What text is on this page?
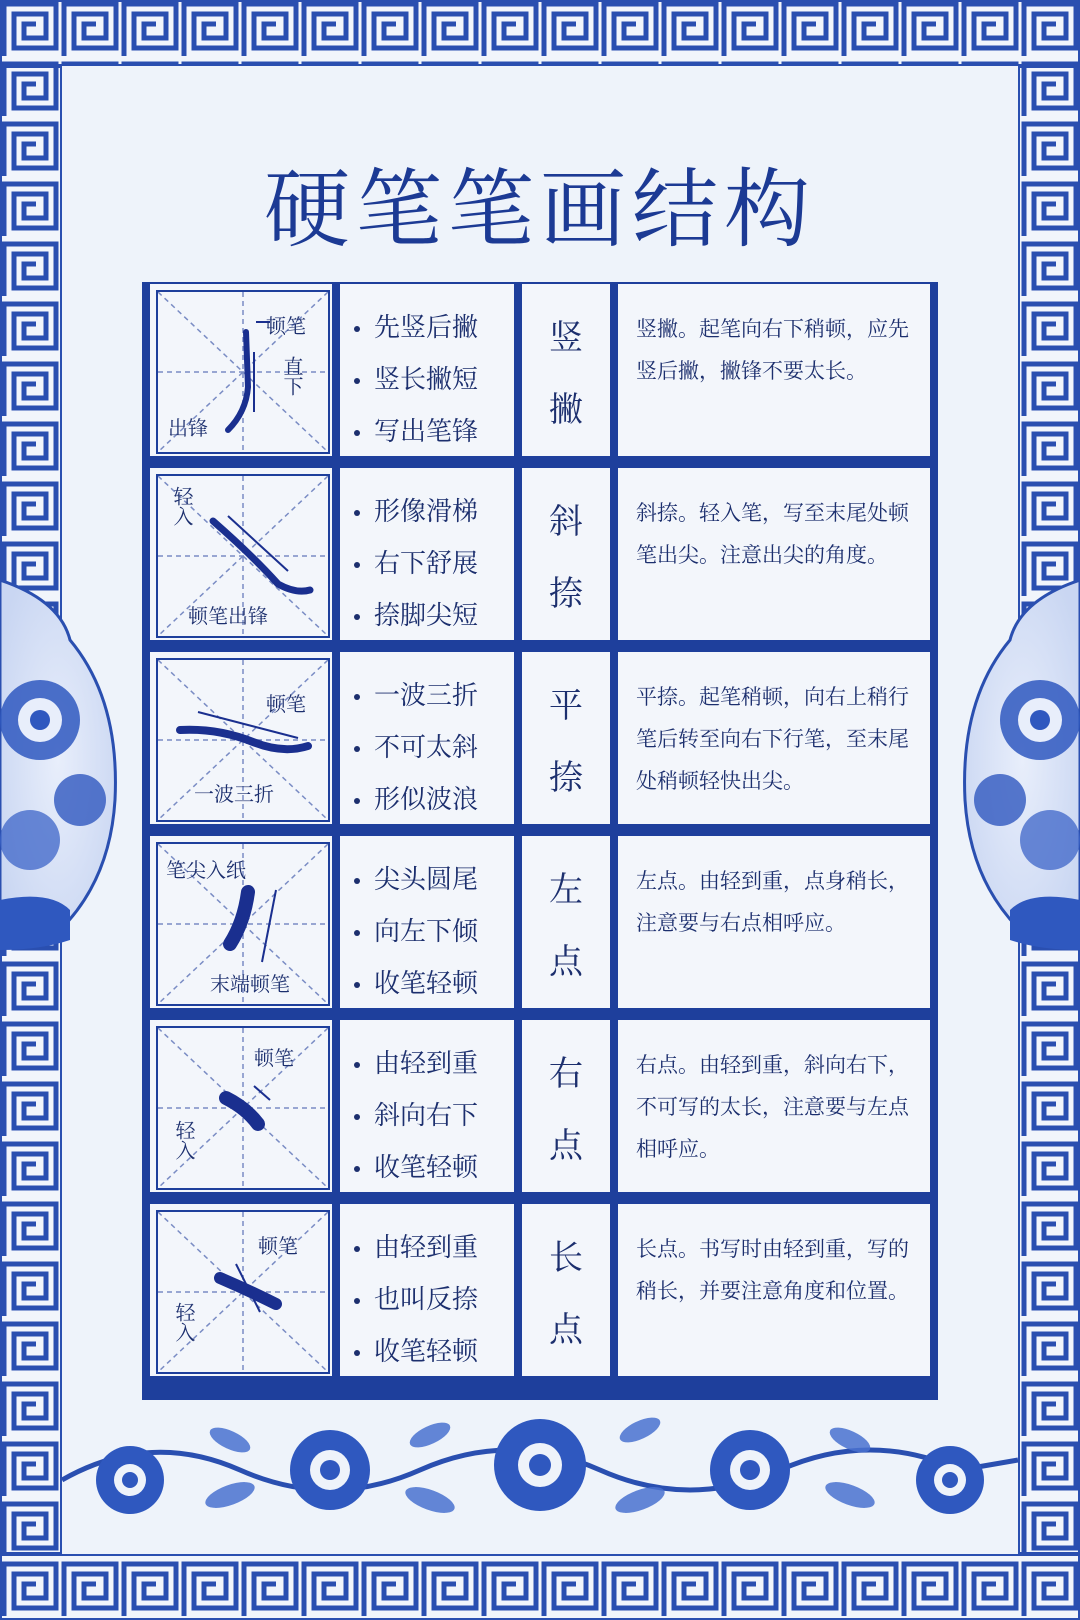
硬笔笔画结构
顿笔
直下
出锋
先竖后撇
竖长撇短
写出笔锋
竖
撇
竖撇。起笔向右下稍顿，应先竖后撇，撇锋不要太长。
轻入
顿笔出锋
形像滑梯
右下舒展
捺脚尖短
斜
捺
斜捺。轻入笔，写至末尾处顿笔出尖。注意出尖的角度。
顿笔
一波三折
一波三折
不可太斜
形似波浪
平
捺
平捺。起笔稍顿，向右上稍行笔后转至向右下行笔，至末尾处稍顿轻快出尖。
笔尖入纸
末端顿笔
尖头圆尾
向左下倾
收笔轻顿
左
点
左点。由轻到重，点身稍长，注意要与右点相呼应。
顿笔
轻入
由轻到重
斜向右下
收笔轻顿
右
点
右点。由轻到重，斜向右下，不可写的太长，注意要与左点相呼应。
顿笔
轻入
由轻到重
也叫反捺
收笔轻顿
长
点
长点。书写时由轻到重，写的稍长，并要注意角度和位置。
